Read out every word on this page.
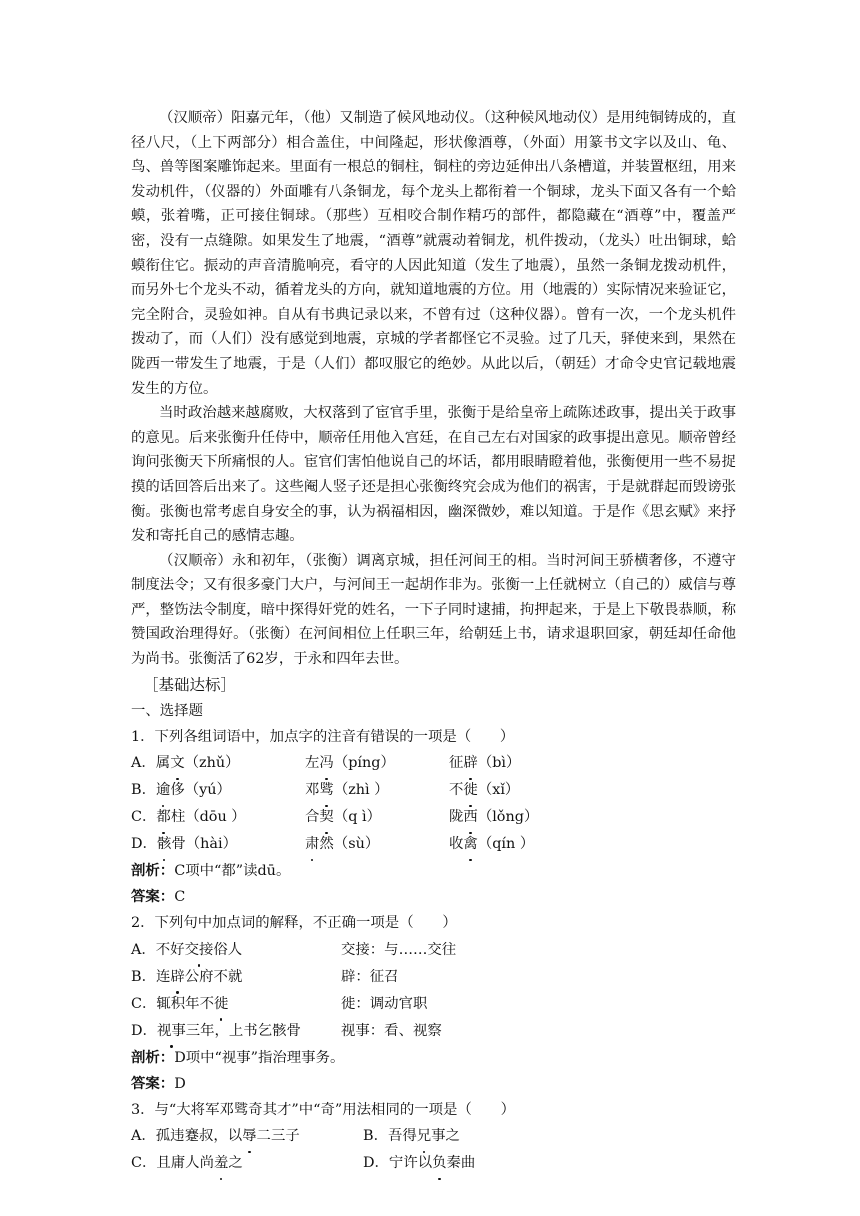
（汉顺帝）阳嘉元年，（他）又制造了候风地动仪。（这种候风地动仪）是用纯铜铸成的，直径八尺，（上下两部分）相合盖住，中间隆起，形状像酒尊，（外面）用篆书文字以及山、龟、鸟、兽等图案雕饰起来。里面有一根总的铜柱，铜柱的旁边延伸出八条槽道，并装置枢纽，用来发动机件，（仪器的）外面雕有八条铜龙，每个龙头上都衔着一个铜球，龙头下面又各有一个蛤蟆，张着嘴，正可接住铜球。（那些）互相咬合制作精巧的部件，都隐藏在“酒尊”中，覆盖严密，没有一点缝隙。如果发生了地震，“酒尊”就震动着铜龙，机件拨动，（龙头）吐出铜球，蛤蟆衔住它。振动的声音清脆响亮，看守的人因此知道（发生了地震），虽然一条铜龙拨动机件，而另外七个龙头不动，循着龙头的方向，就知道地震的方位。用（地震的）实际情况来验证它，完全附合，灵验如神。自从有书典记录以来，不曾有过（这种仪器）。曾有一次，一个龙头机件拨动了，而（人们）没有感觉到地震，京城的学者都怪它不灵验。过了几天，驿使来到，果然在陇西一带发生了地震，于是（人们）都叹服它的绝妙。从此以后，（朝廷）才命令史官记载地震发生的方位。

当时政治越来越腐败，大权落到了宦官手里，张衡于是给皇帝上疏陈述政事，提出关于政事的意见。后来张衡升任侍中，顺帝任用他入宫廷，在自己左右对国家的政事提出意见。顺帝曾经询问张衡天下所痛恨的人。宦官们害怕他说自己的坏话，都用眼睛瞪着他，张衡便用一些不易捉摸的话回答后出来了。这些阉人竖子还是担心张衡终究会成为他们的祸害，于是就群起而毁谤张衡。张衡也常考虑自身安全的事，认为祸福相因，幽深微妙，难以知道。于是作《思玄赋》来抒发和寄托自己的感情志趣。

（汉顺帝）永和初年，（张衡）调离京城，担任河间王的相。当时河间王骄横奢侈，不遵守制度法令；又有很多豪门大户，与河间王一起胡作非为。张衡一上任就树立（自己的）威信与尊严，整饬法令制度，暗中探得奸党的姓名，一下子同时逮捕，拘押起来，于是上下敬畏恭顺，称赞国政治理得好。（张衡）在河间相位上任职三年，给朝廷上书，请求退职回家，朝廷却任命他为尚书。张衡活了62岁，于永和四年去世。

［基础达标］

一、选择题

1．下列各组词语中，加点字的注音有错误的一项是（　　）

A．属文（zhǔ）	左冯（píng）	征辟（bì）
B．逾侈（yú）	邓骘（zhì ）	不徙（xǐ）
C．都柱（dōu ）	合契（q ì）	陇西（lǒng）
D．骸骨（hài）	肃然（sù）	收禽（qín ）

剖析：C项中“都”读dū。

答案：C

2．下列句中加点词的解释，不正确一项是（　　）

A．不好交接俗人	交接：与……交往
B．连辟公府不就	辟：征召
C．辄积年不徙	徙：调动官职
D．视事三年，上书乞骸骨	视事：看、视察

剖析：D项中“视事”指治理事务。

答案：D

3．与“大将军邓骘奇其才”中“奇”用法相同的一项是（　　）

A．孤违蹇叔，以辱二三子	B．吾得兄事之
C．且庸人尚羞之	D．宁许以负秦曲
